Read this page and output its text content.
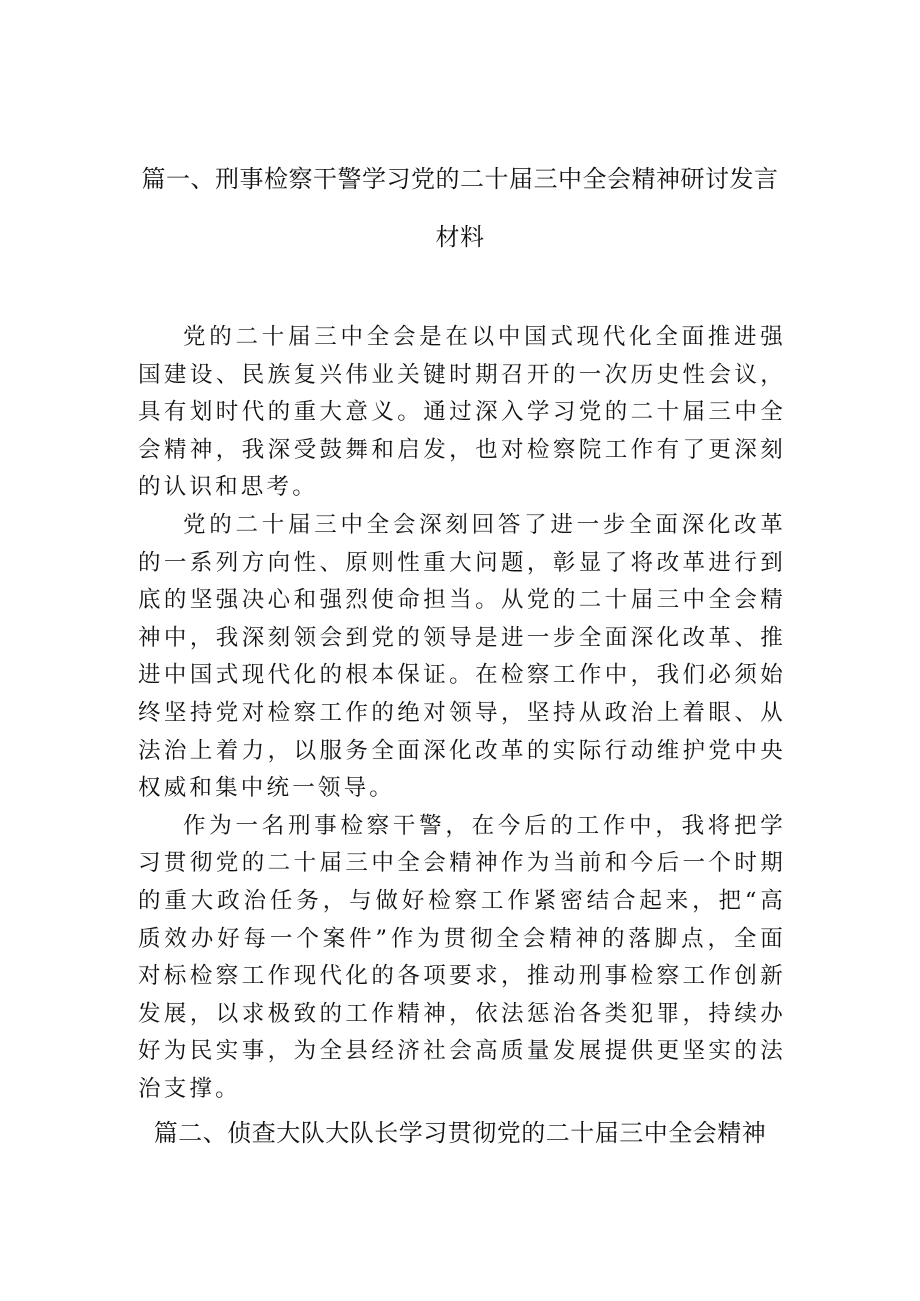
篇一、刑事检察干警学习党的二十届三中全会精神研讨发言材料

党的二十届三中全会是在以中国式现代化全面推进强国建设、民族复兴伟业关键时期召开的一次历史性会议，具有划时代的重大意义。通过深入学习党的二十届三中全会精神，我深受鼓舞和启发，也对检察院工作有了更深刻的认识和思考。

党的二十届三中全会深刻回答了进一步全面深化改革的一系列方向性、原则性重大问题，彰显了将改革进行到底的坚强决心和强烈使命担当。从党的二十届三中全会精神中，我深刻领会到党的领导是进一步全面深化改革、推进中国式现代化的根本保证。在检察工作中，我们必须始终坚持党对检察工作的绝对领导，坚持从政治上着眼、从法治上着力，以服务全面深化改革的实际行动维护党中央权威和集中统一领导。

作为一名刑事检察干警，在今后的工作中，我将把学习贯彻党的二十届三中全会精神作为当前和今后一个时期的重大政治任务，与做好检察工作紧密结合起来，把“高质效办好每一个案件”作为贯彻全会精神的落脚点，全面对标检察工作现代化的各项要求，推动刑事检察工作创新发展，以求极致的工作精神，依法惩治各类犯罪，持续办好为民实事，为全县经济社会高质量发展提供更坚实的法治支撑。

篇二、侦查大队大队长学习贯彻党的二十届三中全会精神
